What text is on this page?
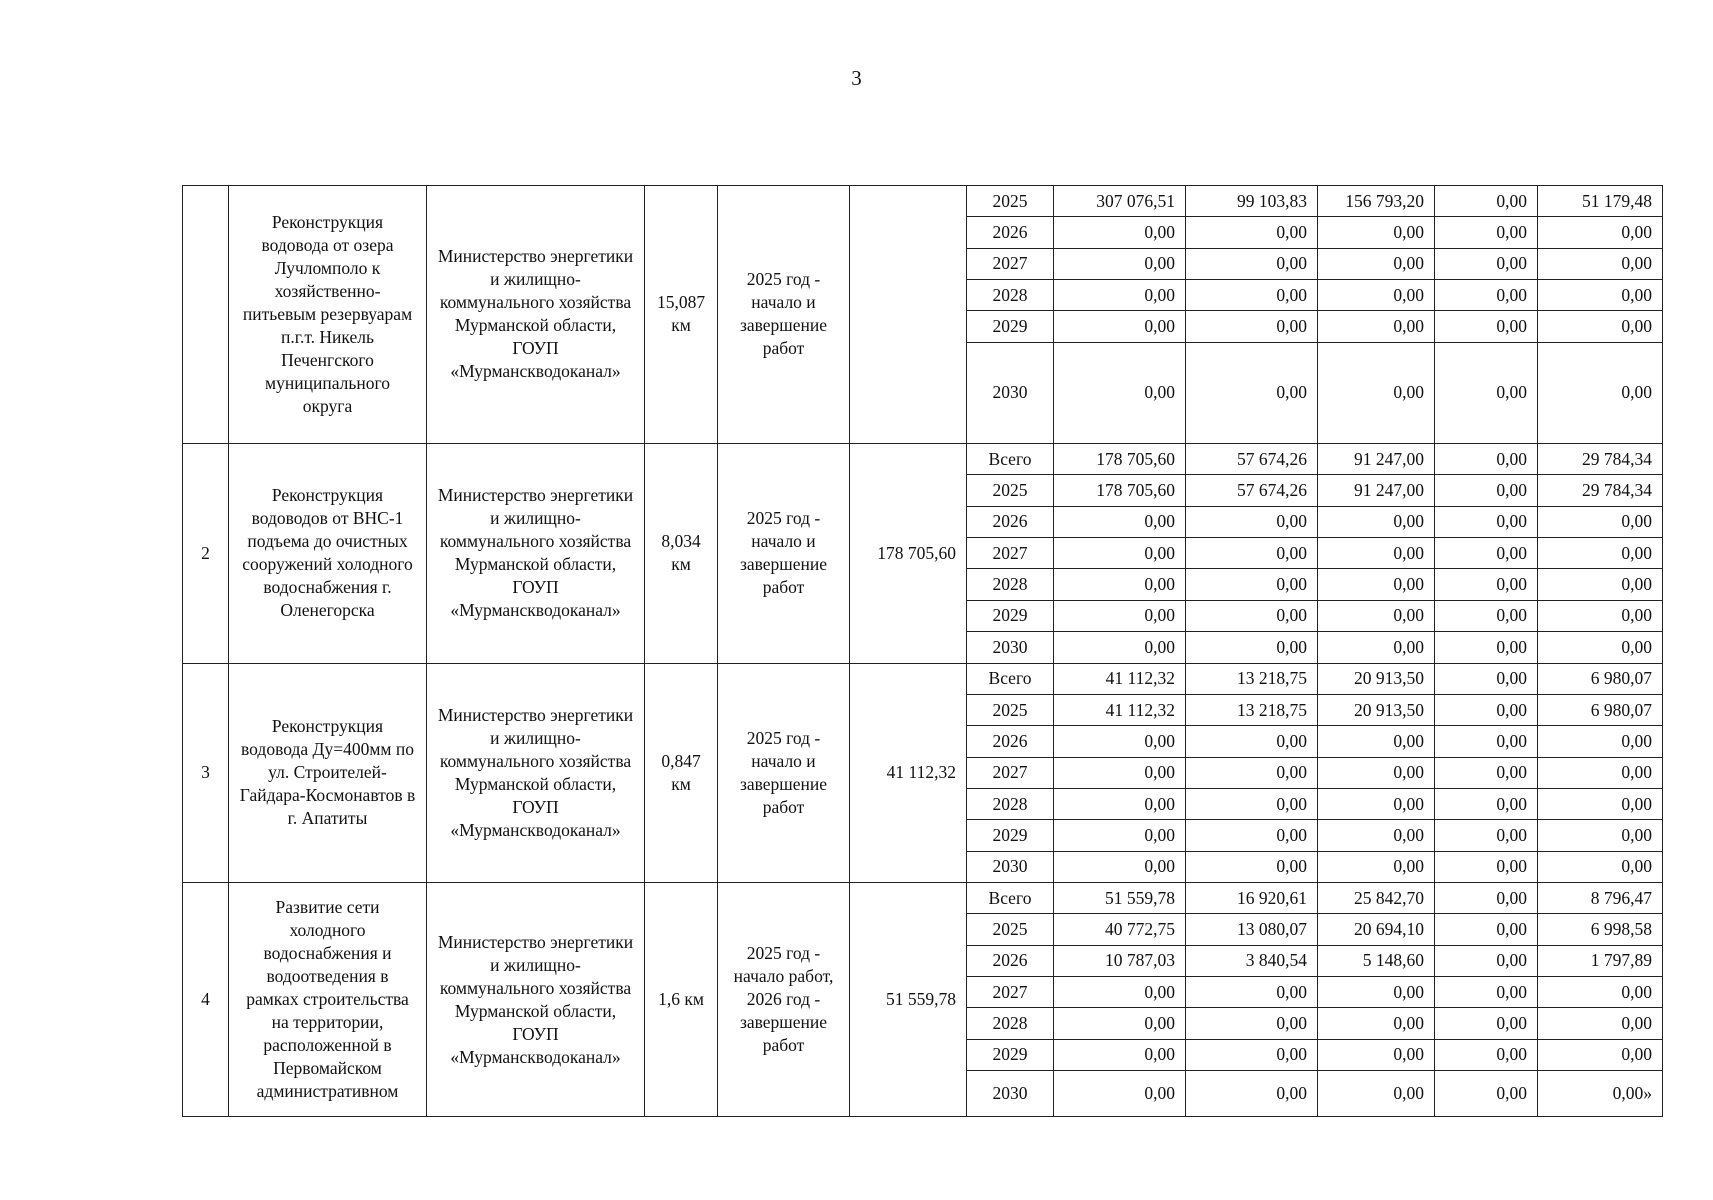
3
	Реконструкция водовода от озера Лучломполо к хозяйственно-питьевым резервуарам п.г.т. Никель Печенгского муниципального округа	Министерство энергетики и жилищно-коммунального хозяйства Мурманской области, ГОУП «Мурманскводоканал»	15,087 км	2025 год - начало и завершение работ		2025	307 076,51	99 103,83	156 793,20	0,00	51 179,48
						2026	0,00	0,00	0,00	0,00	0,00
						2027	0,00	0,00	0,00	0,00	0,00
						2028	0,00	0,00	0,00	0,00	0,00
						2029	0,00	0,00	0,00	0,00	0,00
						2030	0,00	0,00	0,00	0,00	0,00
2	Реконструкция водоводов от ВНС-1 подъема до очистных сооружений холодного водоснабжения г. Оленегорска	Министерство энергетики и жилищно-коммунального хозяйства Мурманской области, ГОУП «Мурманскводоканал»	8,034 км	2025 год - начало и завершение работ	178 705,60	Всего	178 705,60	57 674,26	91 247,00	0,00	29 784,34
						2025	178 705,60	57 674,26	91 247,00	0,00	29 784,34
						2026	0,00	0,00	0,00	0,00	0,00
						2027	0,00	0,00	0,00	0,00	0,00
						2028	0,00	0,00	0,00	0,00	0,00
						2029	0,00	0,00	0,00	0,00	0,00
						2030	0,00	0,00	0,00	0,00	0,00
3	Реконструкция водовода Ду=400мм по ул. Строителей-Гайдара-Космонавтов в г. Апатиты	Министерство энергетики и жилищно-коммунального хозяйства Мурманской области, ГОУП «Мурманскводоканал»	0,847 км	2025 год - начало и завершение работ	41 112,32	Всего	41 112,32	13 218,75	20 913,50	0,00	6 980,07
						2025	41 112,32	13 218,75	20 913,50	0,00	6 980,07
						2026	0,00	0,00	0,00	0,00	0,00
						2027	0,00	0,00	0,00	0,00	0,00
						2028	0,00	0,00	0,00	0,00	0,00
						2029	0,00	0,00	0,00	0,00	0,00
						2030	0,00	0,00	0,00	0,00	0,00
4	Развитие сети холодного водоснабжения и водоотведения в рамках строительства на территории, расположенной в Первомайском административном	Министерство энергетики и жилищно-коммунального хозяйства Мурманской области, ГОУП «Мурманскводоканал»	1,6 км	2025 год - начало работ, 2026 год - завершение работ	51 559,78	Всего	51 559,78	16 920,61	25 842,70	0,00	8 796,47
						2025	40 772,75	13 080,07	20 694,10	0,00	6 998,58
						2026	10 787,03	3 840,54	5 148,60	0,00	1 797,89
						2027	0,00	0,00	0,00	0,00	0,00
						2028	0,00	0,00	0,00	0,00	0,00
						2029	0,00	0,00	0,00	0,00	0,00
						2030	0,00	0,00	0,00	0,00	0,00»
